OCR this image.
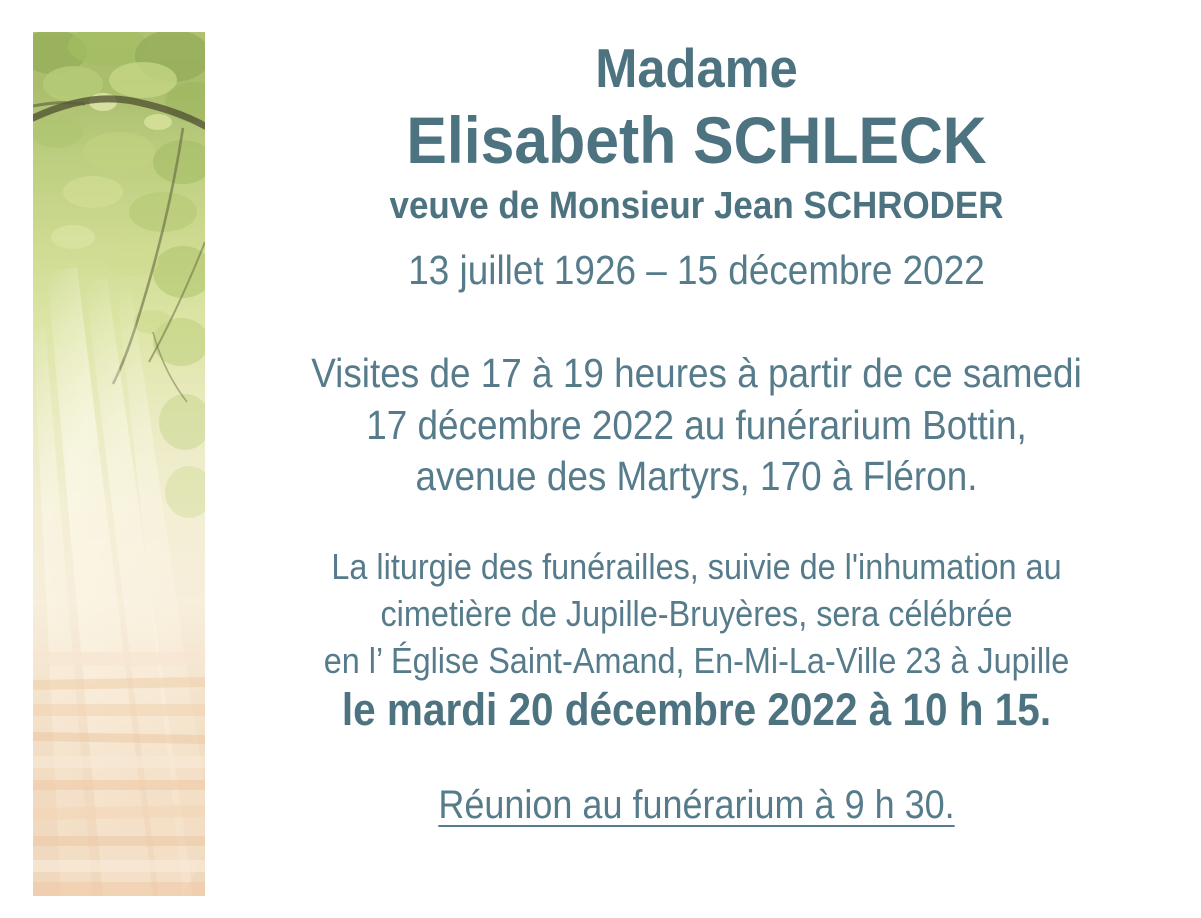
Madame
Elisabeth SCHLECK
veuve de Monsieur Jean SCHRODER
13 juillet 1926 – 15 décembre 2022
Visites de 17 à 19 heures à partir de ce samedi
17 décembre 2022 au funérarium Bottin,
avenue des Martyrs, 170 à Fléron.
La liturgie des funérailles, suivie de l'inhumation au
cimetière de Jupille-Bruyères, sera célébrée
en l’ Église Saint-Amand, En-Mi-La-Ville 23 à Jupille
le mardi 20 décembre 2022 à 10 h 15.
Réunion au funérarium à 9 h 30.
